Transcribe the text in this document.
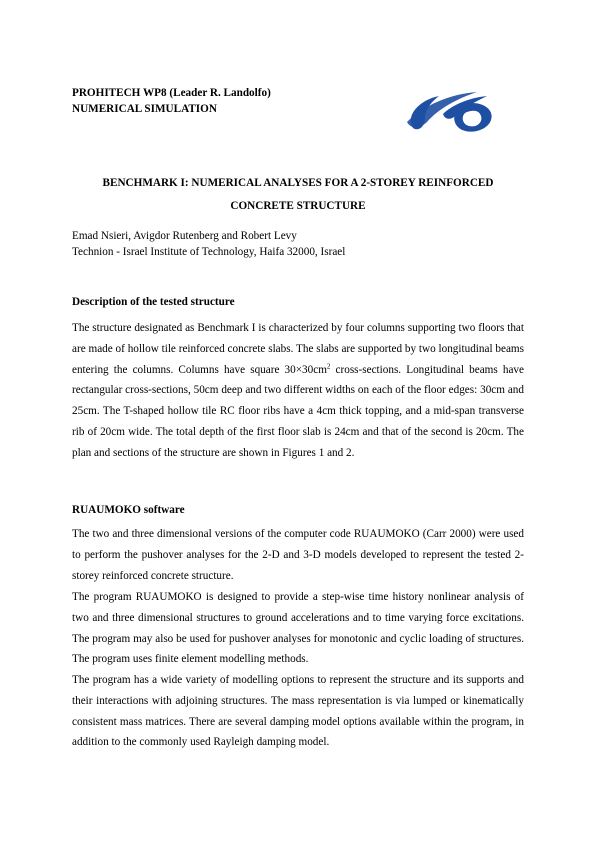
PROHITECH WP8 (Leader R. Landolfo)
NUMERICAL SIMULATION
BENCHMARK I: NUMERICAL ANALYSES FOR A 2-STOREY REINFORCED
CONCRETE STRUCTURE
Emad Nsieri, Avigdor Rutenberg and Robert Levy
Technion - Israel Institute of Technology, Haifa 32000, Israel
Description of the tested structure
The structure designated as Benchmark I is characterized by four columns supporting two floors that are made of hollow tile reinforced concrete slabs. The slabs are supported by two longitudinal beams entering the columns. Columns have square $30\times 30cm^2$ cross-sections. Longitudinal beams have rectangular cross-sections, 50cm deep and two different widths on each of the floor edges: 30cm and 25cm. The T-shaped hollow tile RC floor ribs have a 4cm thick topping, and a mid-span transverse rib of 20cm wide. The total depth of the first floor slab is 24cm and that of the second is 20cm. The plan and sections of the structure are shown in Figures 1 and 2.
RUAUMOKO software
The two and three dimensional versions of the computer code RUAUMOKO (Carr 2000) were used to perform the pushover analyses for the 2-D and 3-D models developed to represent the tested 2-storey reinforced concrete structure.
The program RUAUMOKO is designed to provide a step-wise time history nonlinear analysis of two and three dimensional structures to ground accelerations and to time varying force excitations. The program may also be used for pushover analyses for monotonic and cyclic loading of structures. The program uses finite element modelling methods.
The program has a wide variety of modelling options to represent the structure and its supports and their interactions with adjoining structures. The mass representation is via lumped or kinematically consistent mass matrices. There are several damping model options available within the program, in addition to the commonly used Rayleigh damping model.
